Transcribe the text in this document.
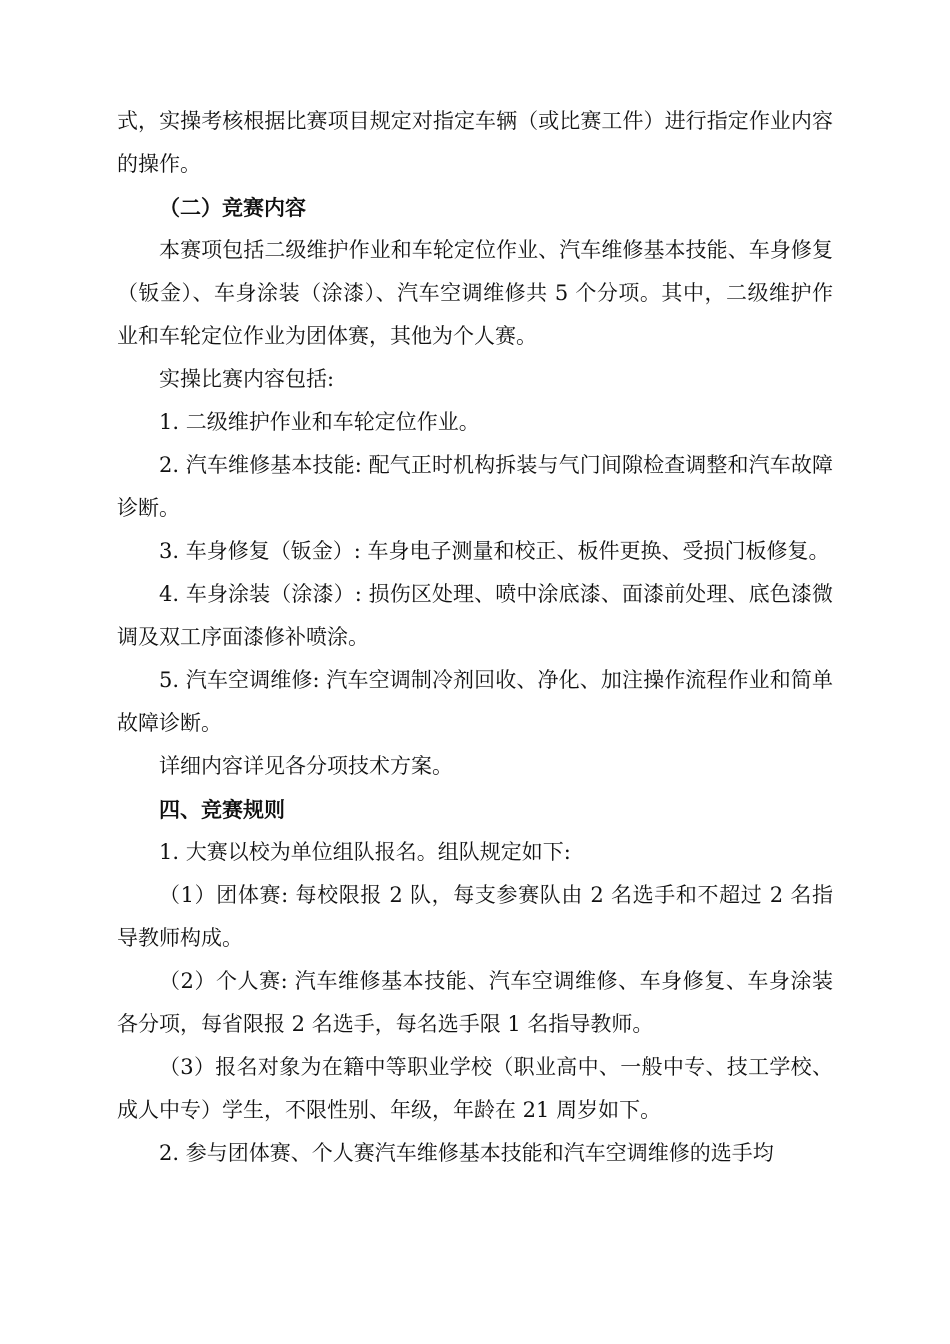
式，实操考核根据比赛项目规定对指定车辆（或比赛工件）进行指定作业内容的操作。

（二）竞赛内容

本赛项包括二级维护作业和车轮定位作业、汽车维修基本技能、车身修复（钣金）、车身涂装（涂漆）、汽车空调维修共 5 个分项。其中，二级维护作业和车轮定位作业为团体赛，其他为个人赛。

实操比赛内容包括:

1. 二级维护作业和车轮定位作业。

2. 汽车维修基本技能: 配气正时机构拆装与气门间隙检查调整和汽车故障诊断。

3. 车身修复（钣金）: 车身电子测量和校正、板件更换、受损门板修复。

4. 车身涂装（涂漆）: 损伤区处理、喷中涂底漆、面漆前处理、底色漆微调及双工序面漆修补喷涂。

5. 汽车空调维修: 汽车空调制冷剂回收、净化、加注操作流程作业和简单故障诊断。

详细内容详见各分项技术方案。

四、竞赛规则

1. 大赛以校为单位组队报名。组队规定如下:

（1）团体赛: 每校限报 2 队，每支参赛队由 2 名选手和不超过 2 名指导教师构成。

（2）个人赛: 汽车维修基本技能、汽车空调维修、车身修复、车身涂装各分项，每省限报 2 名选手，每名选手限 1 名指导教师。

（3）报名对象为在籍中等职业学校（职业高中、一般中专、技工学校、成人中专）学生，不限性别、年级，年龄在 21 周岁如下。

2. 参与团体赛、个人赛汽车维修基本技能和汽车空调维修的选手均
